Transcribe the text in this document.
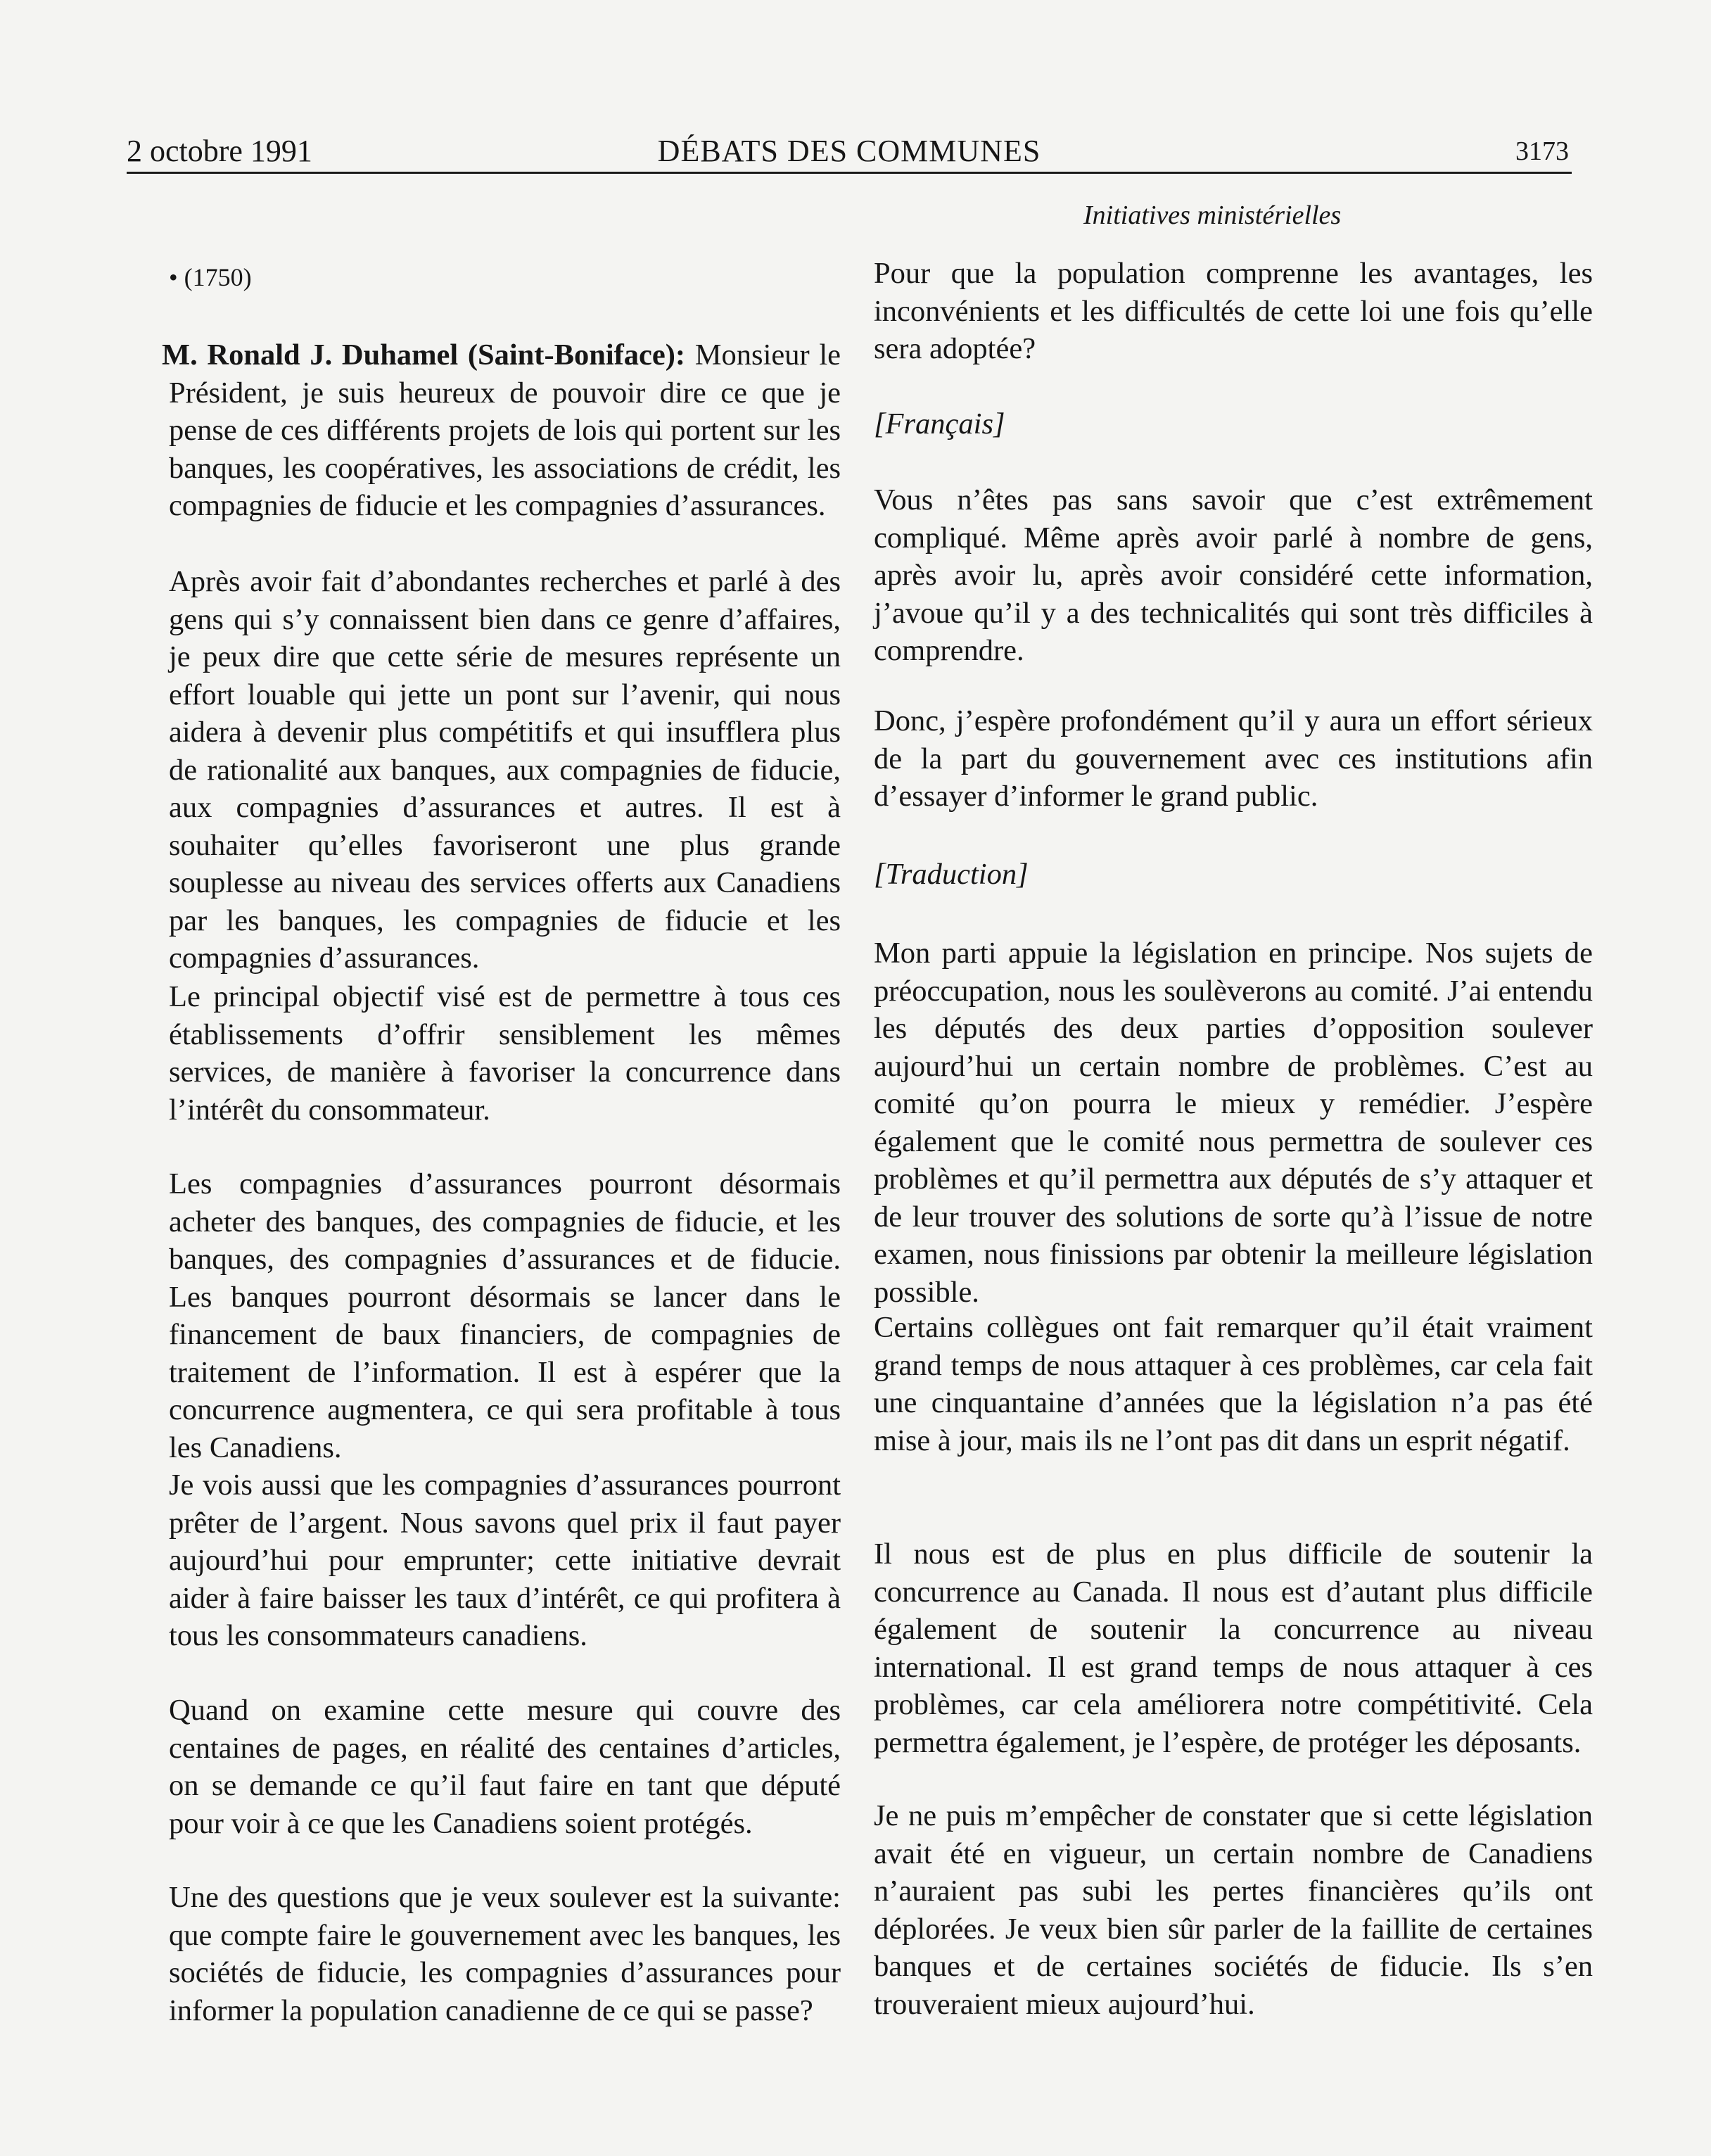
2 octobre 1991	DÉBATS DES COMMUNES	3173
Initiatives ministérielles

• (1750)

M. Ronald J. Duhamel (Saint-Boniface): Monsieur le Président, je suis heureux de pouvoir dire ce que je pense de ces différents projets de lois qui portent sur les banques, les coopératives, les associations de crédit, les compagnies de fiducie et les compagnies d’assurances.

Après avoir fait d’abondantes recherches et parlé à des gens qui s’y connaissent bien dans ce genre d’affaires, je peux dire que cette série de mesures représente un effort louable qui jette un pont sur l’avenir, qui nous aidera à devenir plus compétitifs et qui insufflera plus de rationalité aux banques, aux compagnies de fiducie, aux compagnies d’assurances et autres. Il est à souhaiter qu’elles favoriseront une plus grande souplesse au niveau des services offerts aux Canadiens par les banques, les compagnies de fiducie et les compagnies d’assurances.

Le principal objectif visé est de permettre à tous ces établissements d’offrir sensiblement les mêmes services, de manière à favoriser la concurrence dans l’intérêt du consommateur.

Les compagnies d’assurances pourront désormais acheter des banques, des compagnies de fiducie, et les banques, des compagnies d’assurances et de fiducie. Les banques pourront désormais se lancer dans le financement de baux financiers, de compagnies de traitement de l’information. Il est à espérer que la concurrence augmentera, ce qui sera profitable à tous les Canadiens.

Je vois aussi que les compagnies d’assurances pourront prêter de l’argent. Nous savons quel prix il faut payer aujourd’hui pour emprunter; cette initiative devrait aider à faire baisser les taux d’intérêt, ce qui profitera à tous les consommateurs canadiens.

Quand on examine cette mesure qui couvre des centaines de pages, en réalité des centaines d’articles, on se demande ce qu’il faut faire en tant que député pour voir à ce que les Canadiens soient protégés.

Une des questions que je veux soulever est la suivante: que compte faire le gouvernement avec les banques, les sociétés de fiducie, les compagnies d’assurances pour informer la population canadienne de ce qui se passe?

Pour que la population comprenne les avantages, les inconvénients et les difficultés de cette loi une fois qu’elle sera adoptée?

[Français]

Vous n’êtes pas sans savoir que c’est extrêmement compliqué. Même après avoir parlé à nombre de gens, après avoir lu, après avoir considéré cette information, j’avoue qu’il y a des technicalités qui sont très difficiles à comprendre.

Donc, j’espère profondément qu’il y aura un effort sérieux de la part du gouvernement avec ces institutions afin d’essayer d’informer le grand public.

[Traduction]

Mon parti appuie la législation en principe. Nos sujets de préoccupation, nous les soulèverons au comité. J’ai entendu les députés des deux parties d’opposition soulever aujourd’hui un certain nombre de problèmes. C’est au comité qu’on pourra le mieux y remédier. J’espère également que le comité nous permettra de soulever ces problèmes et qu’il permettra aux députés de s’y attaquer et de leur trouver des solutions de sorte qu’à l’issue de notre examen, nous finissions par obtenir la meilleure législation possible.

Certains collègues ont fait remarquer qu’il était vraiment grand temps de nous attaquer à ces problèmes, car cela fait une cinquantaine d’années que la législation n’a pas été mise à jour, mais ils ne l’ont pas dit dans un esprit négatif.

Il nous est de plus en plus difficile de soutenir la concurrence au Canada. Il nous est d’autant plus difficile également de soutenir la concurrence au niveau international. Il est grand temps de nous attaquer à ces problèmes, car cela améliorera notre compétitivité. Cela permettra également, je l’espère, de protéger les déposants.

Je ne puis m’empêcher de constater que si cette législation avait été en vigueur, un certain nombre de Canadiens n’auraient pas subi les pertes financières qu’ils ont déplorées. Je veux bien sûr parler de la faillite de certaines banques et de certaines sociétés de fiducie. Ils s’en trouveraient mieux aujourd’hui.
